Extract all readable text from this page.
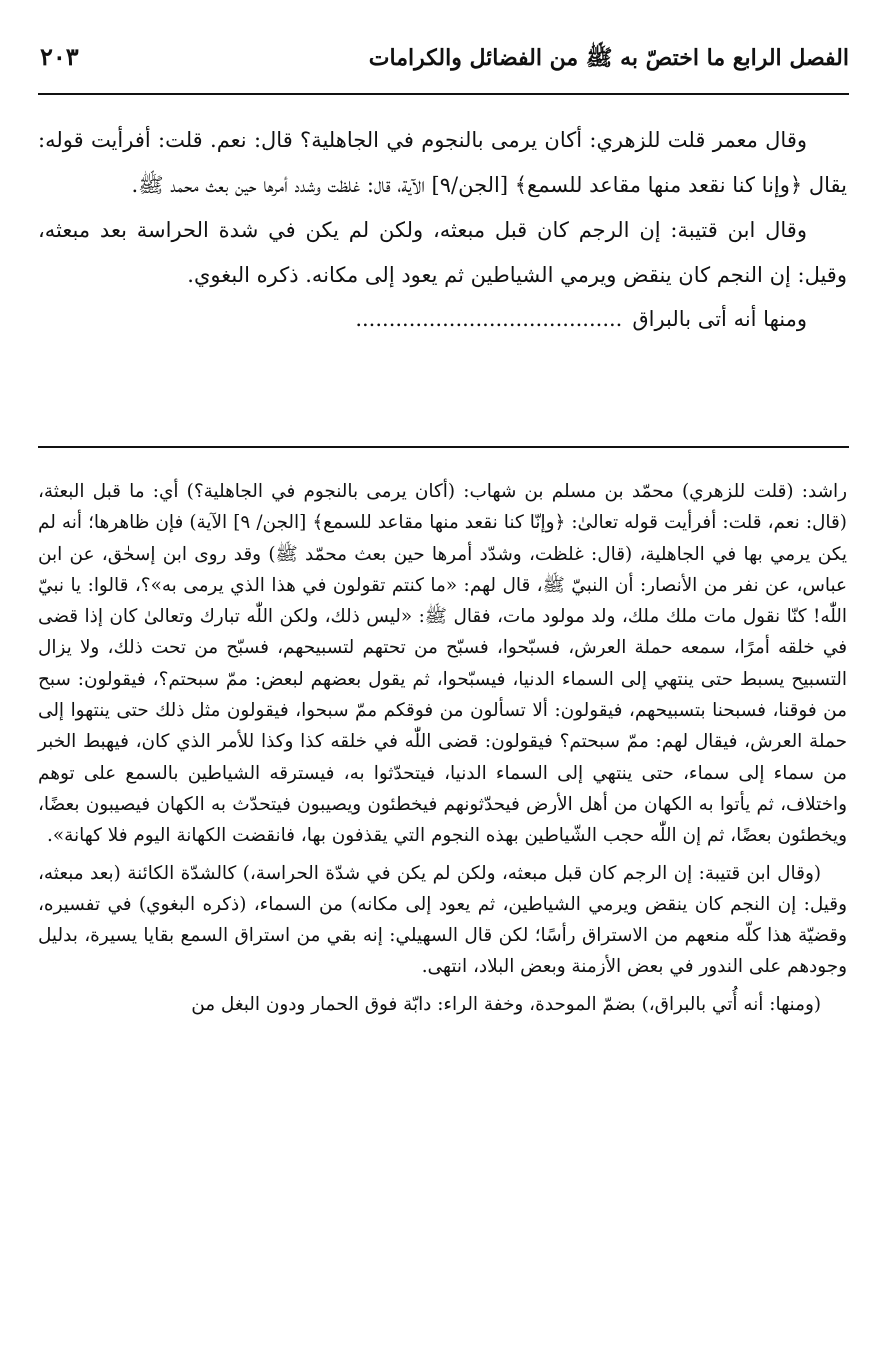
الفصل الرابع ما اختصّ به ﷺ من الفضائل والكرامات
٢٠٣

وقال معمر قلت للزهري: أكان يرمى بالنجوم في الجاهلية؟ قال: نعم. قلت: أفرأيت قوله: يقال ﴿وإنا كنا نقعد منها مقاعد للسمع﴾ [الجن/٩] الآية، قال: غلظت وشدد أمرها حين بعث محمد ﷺ.

وقال ابن قتيبة: إن الرجم كان قبل مبعثه، ولكن لم يكن في شدة الحراسة بعد مبعثه، وقيل: إن النجم كان ينقض ويرمي الشياطين ثم يعود إلى مكانه. ذكره البغوي.

ومنها أنه أتى بالبراق........................................

راشد: (قلت للزهري) محمّد بن مسلم بن شهاب: (أكان يرمى بالنجوم في الجاهلية؟) أي: ما قبل البعثة، (قال: نعم، قلت: أفرأيت قوله تعالىٰ: ﴿وإنّا كنا نقعد منها مقاعد للسمع﴾ [الجن/ ٩] الآية) فإن ظاهرها؛ أنه لم يكن يرمي بها في الجاهلية، (قال: غلظت، وشدّد أمرها حين بعث محمّد ﷺ) وقد روى ابن إسحٰق، عن ابن عباس، عن نفر من الأنصار: أن النبيّ ﷺ، قال لهم: «ما كنتم تقولون في هذا الذي يرمى به»؟، قالوا: يا نبيّ اللّٰه! كنّا نقول مات ملك ملك، ولد مولود مات، فقال ﷺ: «ليس ذلك، ولكن اللّٰه تبارك وتعالىٰ كان إذا قضى في خلقه أمرًا، سمعه حملة العرش، فسبّحوا، فسبّح من تحتهم لتسبيحهم، فسبّح من تحت ذلك، ولا يزال التسبيح يسبط حتى ينتهي إلى السماء الدنيا، فيسبّحوا، ثم يقول بعضهم لبعض: ممّ سبحتم؟، فيقولون: سبح من فوقنا، فسبحنا بتسبيحهم، فيقولون: ألا تسألون من فوقكم ممّ سبحوا، فيقولون مثل ذلك حتى ينتهوا إلى حملة العرش، فيقال لهم: ممّ سبحتم؟ فيقولون: قضى اللّٰه في خلقه كذا وكذا للأمر الذي كان، فيهبط الخبر من سماء إلى سماء، حتى ينتهي إلى السماء الدنيا، فيتحدّثوا به، فيسترقه الشياطين بالسمع على توهم واختلاف، ثم يأتوا به الكهان من أهل الأرض فيحدّثونهم فيخطئون ويصيبون فيتحدّث به الكهان فيصيبون بعضًا، ويخطئون بعضًا، ثم إن اللّٰه حجب الشّياطين بهذه النجوم التي يقذفون بها، فانقضت الكهانة اليوم فلا كهانة».

(وقال ابن قتيبة: إن الرجم كان قبل مبعثه، ولكن لم يكن في شدّة الحراسة،) كالشدّة الكائنة (بعد مبعثه، وقيل: إن النجم كان ينقض ويرمي الشياطين، ثم يعود إلى مكانه) من السماء، (ذكره البغوي) في تفسيره، وقضيّة هذا كلّه منعهم من الاستراق رأسًا؛ لكن قال السهيلي: إنه بقي من استراق السمع بقايا يسيرة، بدليل وجودهم على الندور في بعض الأزمنة وبعض البلاد، انتهى.

(ومنها: أنه أُتي بالبراق،) بضمّ الموحدة، وخفة الراء: دابّة فوق الحمار ودون البغل من
